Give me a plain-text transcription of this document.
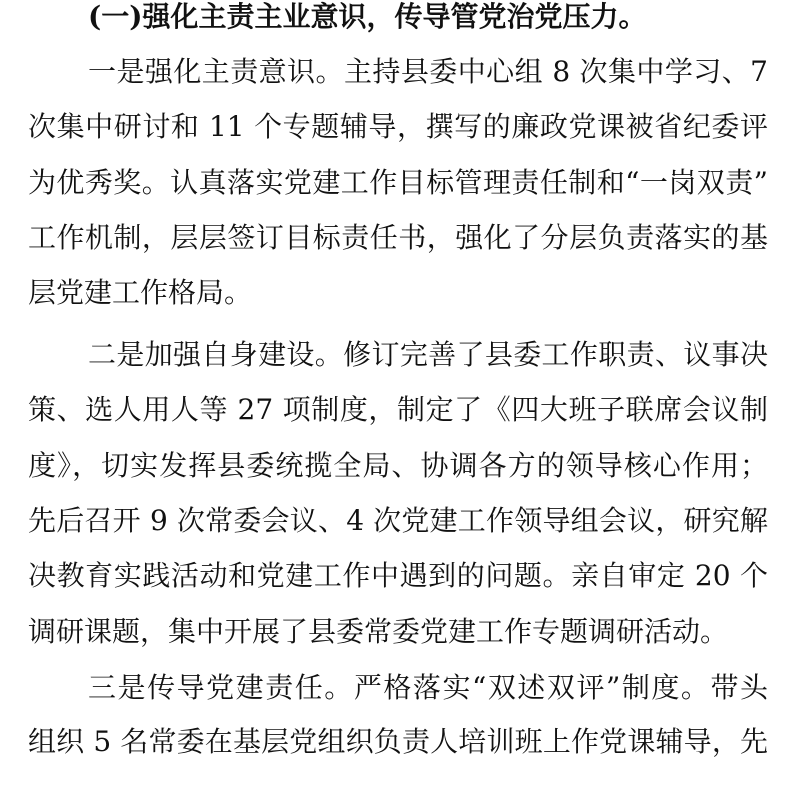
(一)强化主责主业意识，传导管党治党压力。
一是强化主责意识。主持县委中心组 8 次集中学习、7
次集中研讨和 11 个专题辅导，撰写的廉政党课被省纪委评
为优秀奖。认真落实党建工作目标管理责任制和“一岗双责”
工作机制，层层签订目标责任书，强化了分层负责落实的基
层党建工作格局。
二是加强自身建设。修订完善了县委工作职责、议事决
策、选人用人等 27 项制度，制定了《四大班子联席会议制
度》，切实发挥县委统揽全局、协调各方的领导核心作用；
先后召开 9 次常委会议、4 次党建工作领导组会议，研究解
决教育实践活动和党建工作中遇到的问题。亲自审定 20 个
调研课题，集中开展了县委常委党建工作专题调研活动。
三是传导党建责任。严格落实“双述双评”制度。带头
组织 5 名常委在基层党组织负责人培训班上作党课辅导，先
